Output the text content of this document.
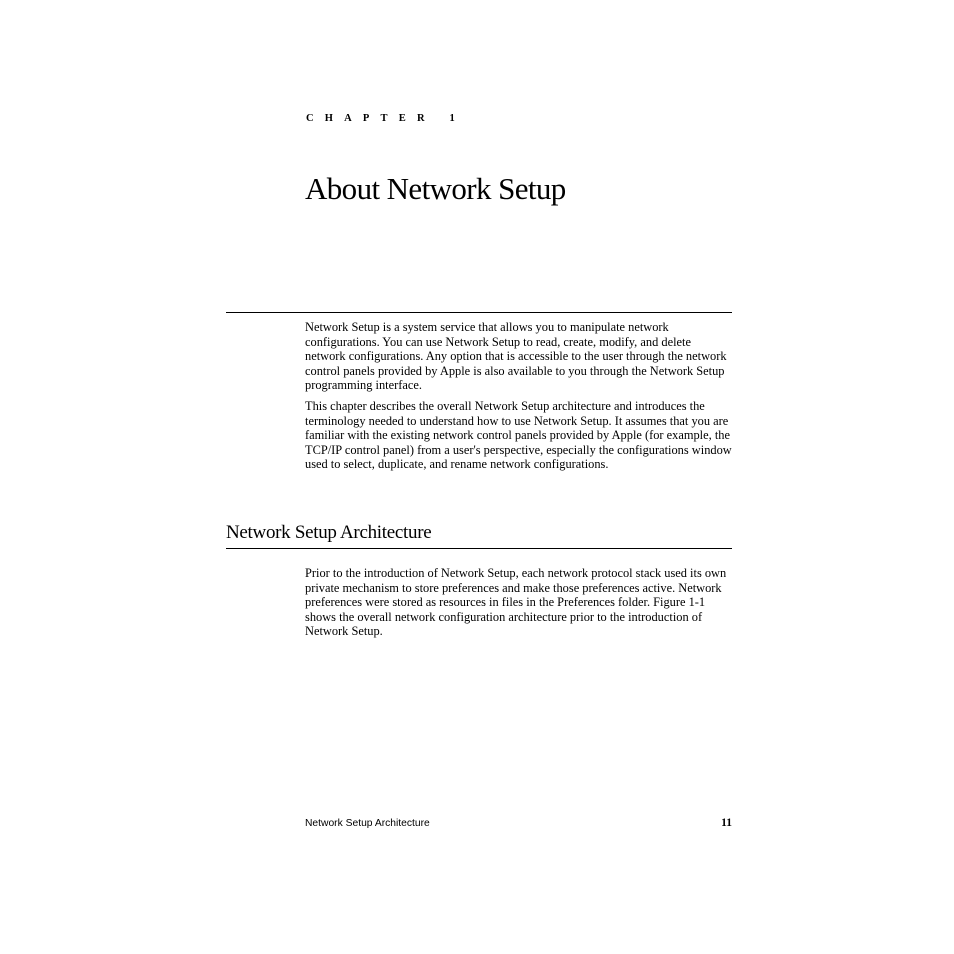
CHAPTER 1
About Network Setup

Network Setup is a system service that allows you to manipulate network configurations. You can use Network Setup to read, create, modify, and delete network configurations. Any option that is accessible to the user through the network control panels provided by Apple is also available to you through the Network Setup programming interface.

This chapter describes the overall Network Setup architecture and introduces the terminology needed to understand how to use Network Setup. It assumes that you are familiar with the existing network control panels provided by Apple (for example, the TCP/IP control panel) from a user's perspective, especially the configurations window used to select, duplicate, and rename network configurations.

Network Setup Architecture

Prior to the introduction of Network Setup, each network protocol stack used its own private mechanism to store preferences and make those preferences active. Network preferences were stored as resources in files in the Preferences folder. Figure 1-1 shows the overall network configuration architecture prior to the introduction of Network Setup.

Network Setup Architecture	11
